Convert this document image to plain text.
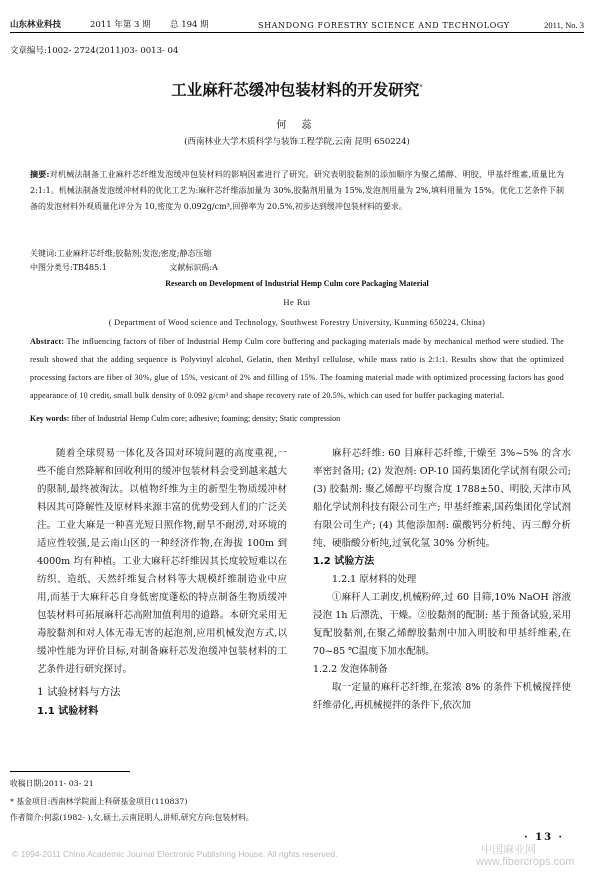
山东林业科技	2011 年第 3 期	总 194 期	SHANDONG FORESTRY SCIENCE AND TECHNOLOGY	2011, No. 3
文章编号:1002- 2724(2011)03- 0013- 04
工业麻秆芯缓冲包装材料的开发研究*
何 蕊
(西南林业大学木质科学与装饰工程学院,云南 昆明 650224)
摘要:对机械法制备工业麻秆芯纤维发泡缓冲包装材料的影响因素进行了研究。研究表明胶黏剂的添加顺序为聚乙烯醇、明胶、甲基纤维素,质量比为 2:1:1。机械法制备发泡缓冲材料的优化工艺为:麻秆芯纤维添加量为 30%,胶黏剂用量为 15%,发泡剂用量为 2%,填料用量为 15%。优化工艺条件下制备的发泡材料外观质量化评分为 10,密度为 0.092g/cm³,回弹率为 20.5%,初步达到缓冲包装材料的要求。
关键词:工业麻秆芯纤维;胶黏剂;发泡;密度;静态压缩
中图分类号:TB485.1	文献标识码:A
Research on Development of Industrial Hemp Culm core Packaging Material
He Rui
( Department of Wood science and Technology, Southwest Forestry University, Kunming 650224, China)
Abstract: The influencing factors of fiber of Industrial Hemp Culm core buffering and packaging materials made by mechanical method were studied. The result showed that the adding sequence is Polyvinyl alcohol, Gelatin, then Methyl cellulose, while mass ratio is 2:1:1. Results show that the optimized processing factors are fiber of 30%, glue of 15%, vesicant of 2% and filling of 15%. The foaming material made with optimized processing factors has good appearance of 10 credit, small bulk density of 0.092 g/cm³ and shape recovery rate of 20.5%, which can used for buffer packaging material.
Key words: fiber of Industrial Hemp Culm core; adhesive; foaming; density; Static compression

随着全球贸易一体化及各国对环境问题的高度重视,一些不能自然降解和回收利用的缓冲包装材料会受到越来越大的限制,最终被淘汰。以植物纤维为主的新型生物质缓冲材料因其可降解性及原材料来源丰富的优势受到人们的广泛关注。工业大麻是一种喜光短日照作物,耐旱不耐涝,对环境的适应性较强,是云南山区的一种经济作物,在海拔 100m 到 4000m 均有种植。工业大麻秆芯纤维因其长度较短难以在纺织、造纸、天然纤维复合材料等大规模纤维制造业中应用,而基于大麻秆芯自身低密度蓬松的特点制备生物质缓冲包装材料可拓展麻秆芯高附加值利用的道路。本研究采用无毒胶黏剂和对人体无毒无害的起泡剂,应用机械发泡方式,以缓冲性能为评价目标,对制备麻秆芯发泡缓冲包装材料的工艺条件进行研究探讨。

1 试验材料与方法

1.1 试验材料

麻秆芯纤维: 60 目麻秆芯纤维,干燥至 3%~5% 的含水率密封备用; (2) 发泡剂: OP-10 国药集团化学试剂有限公司; (3) 胶黏剂: 聚乙烯醇平均聚合度 1788±50、明胶,天津市风船化学试剂科技有限公司生产; 甲基纤维素,国药集团化学试剂有限公司生产; (4) 其他添加剂: 碳酸钙分析纯、丙三醇分析纯、硬脂酸分析纯,过氧化氢 30% 分析纯。

1.2 试验方法

1.2.1 原材料的处理

①麻秆人工剥皮,机械粉碎,过 60 目筛,10% NaOH 溶液浸泡 1h 后漂洗、干燥。②胶黏剂的配制: 基于预备试验,采用复配胶黏剂,在聚乙烯醇胶黏剂中加入明胶和甲基纤维素,在 70~85 ℃温度下加水配制。

1.2.2 发泡体制备

取一定量的麻秆芯纤维,在浆浓 8% 的条件下机械搅拌使纤维帚化,再机械搅拌的条件下,依次加

收稿日期:2011- 03- 21
* 基金项目:西南林学院面上科研基金项目(110837)
作者简介:何蕊(1982- ),女,硕士,云南昆明人,讲师,研究方向:包装材料。
· 13 ·
© 1994-2011 China Academic Journal Electronic Publishing House. All rights reserved.	中国麻业网
www.fibercrops.com
